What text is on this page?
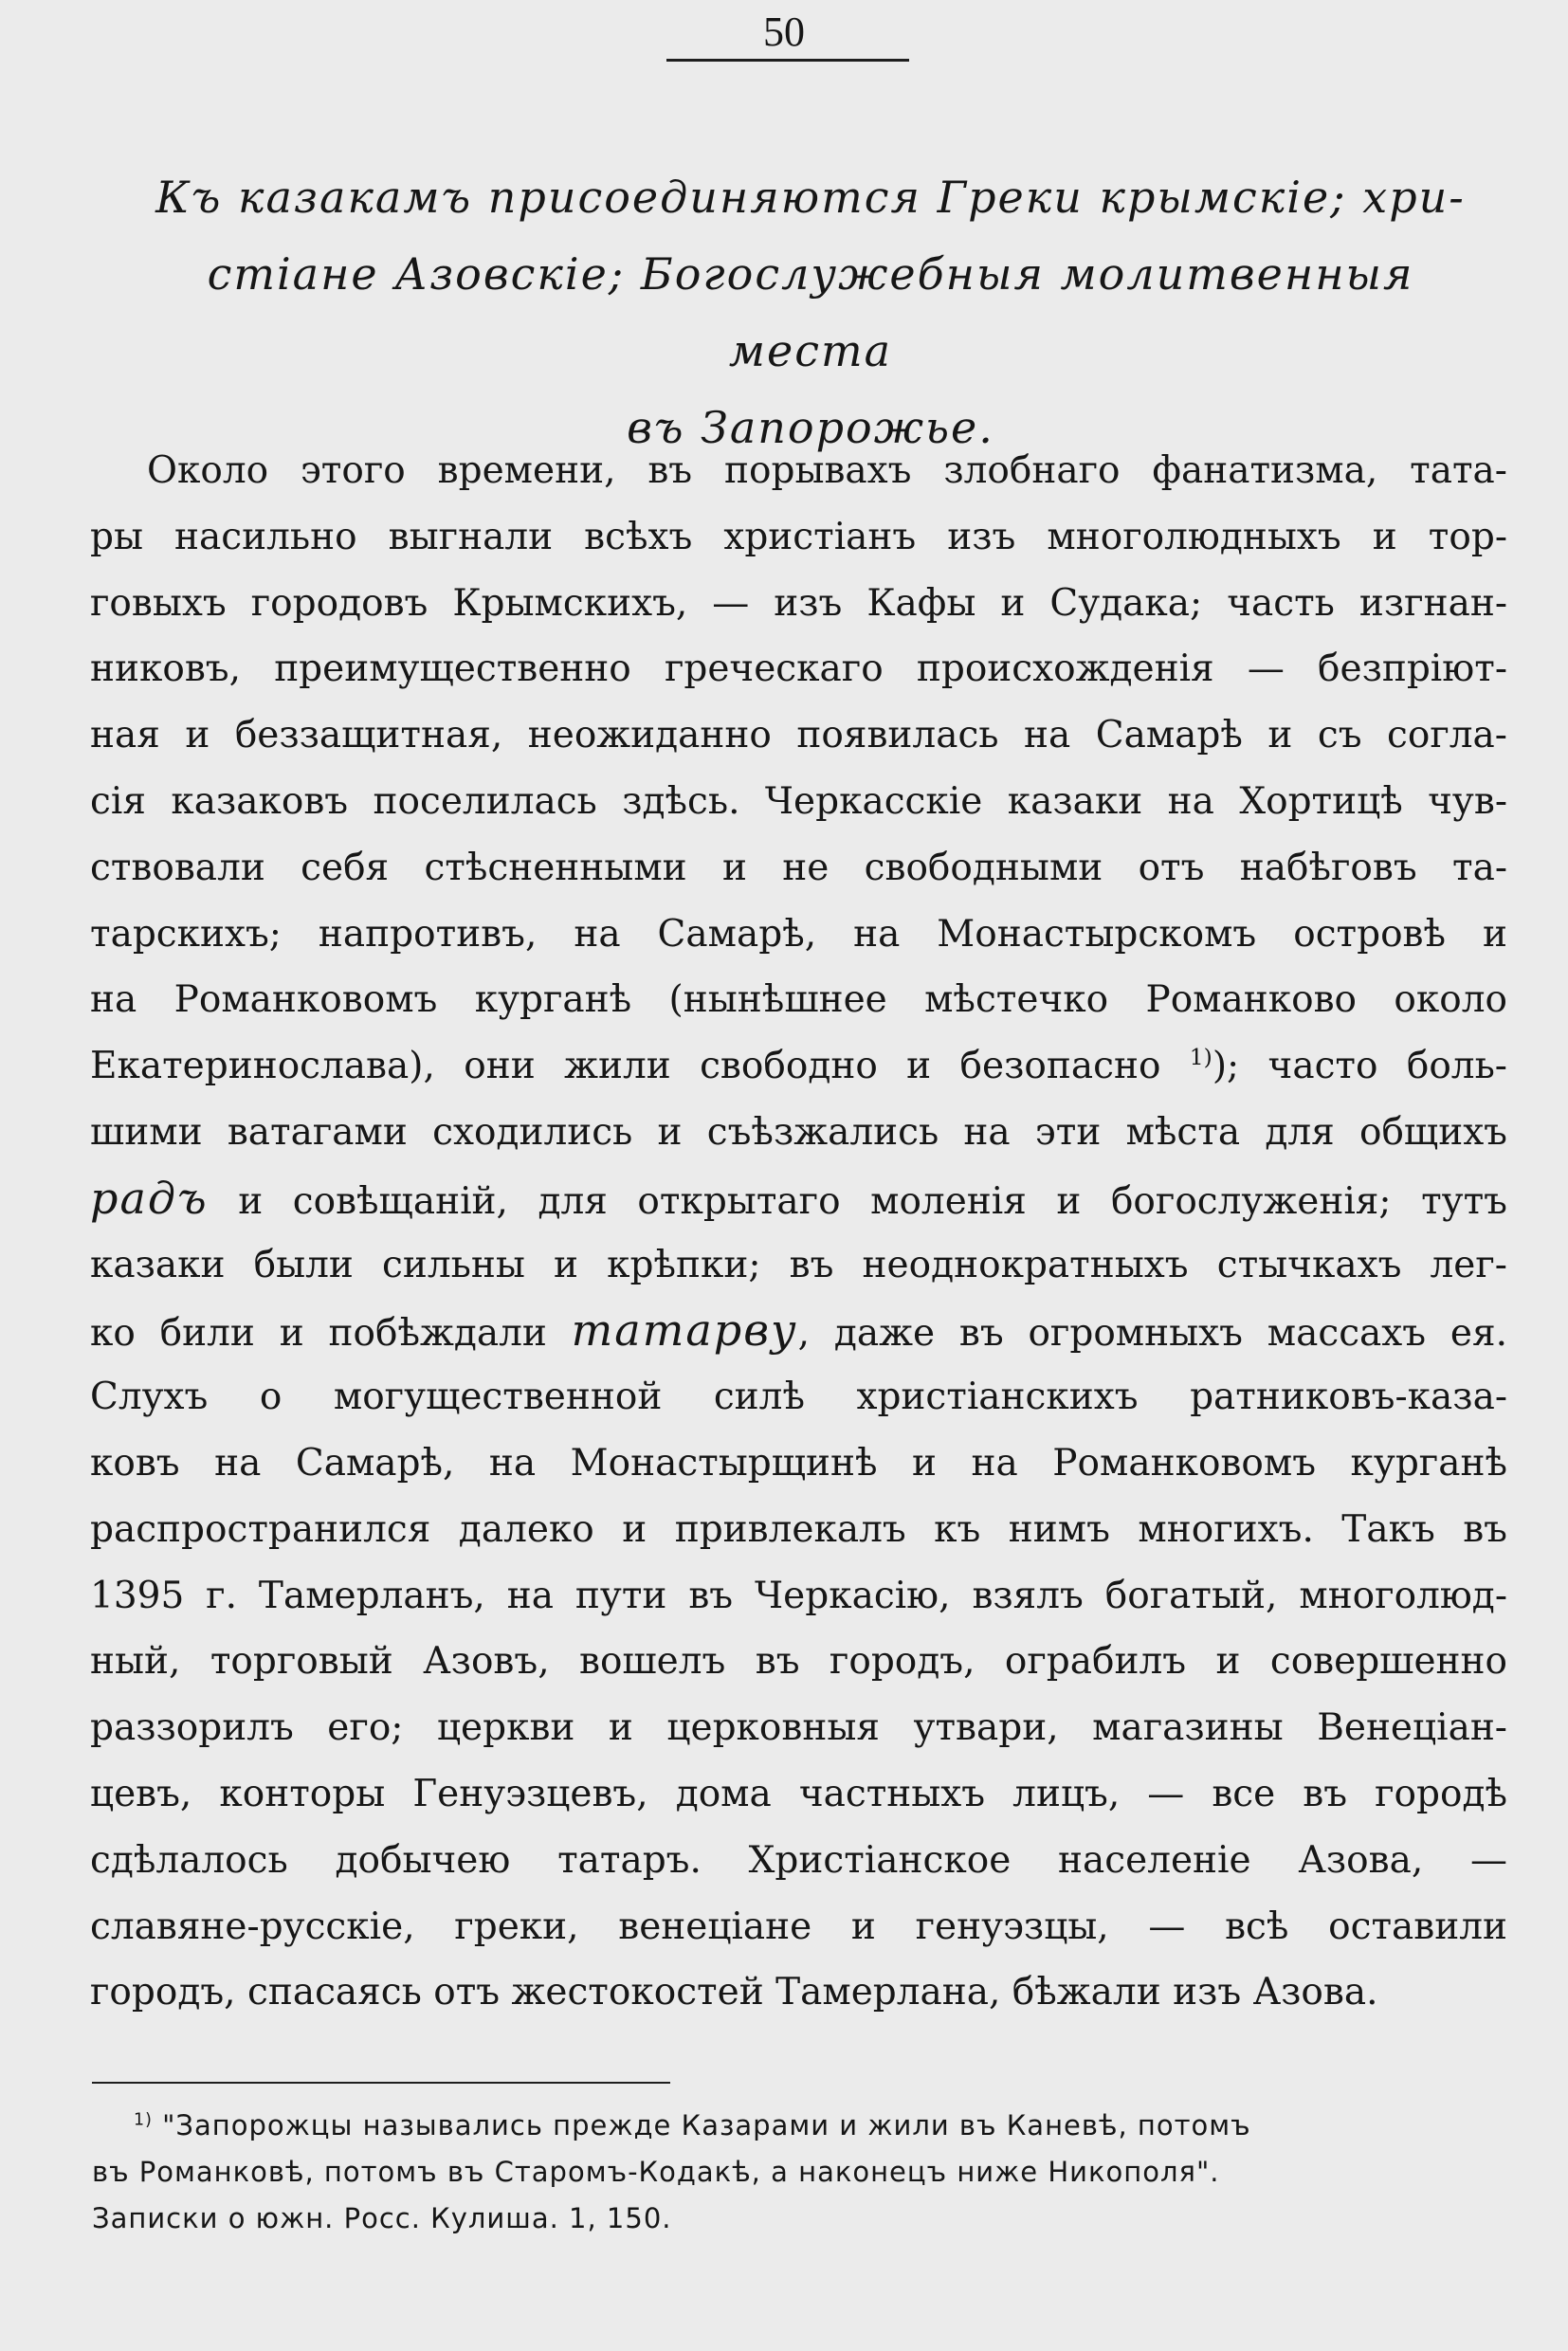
50
Къ казакамъ присоединяются Греки крымскіе; хри-
стіане Азовскіе; Богослужебныя молитвенныя места
въ Запорожье.
Около этого времени, въ порывахъ злобнаго фанатизма, тата-
ры насильно выгнали всѣхъ христіанъ изъ многолюдныхъ и тор-
говыхъ городовъ Крымскихъ, — изъ Кафы и Судака; часть изгнан-
никовъ, преимущественно греческаго происхожденія — безпріют-
ная и беззащитная, неожиданно появилась на Самарѣ и съ согла-
сія казаковъ поселилась здѣсь. Черкасскіе казаки на Хортицѣ чув-
ствовали себя стѣсненными и не свободными отъ набѣговъ та-
тарскихъ; напротивъ, на Самарѣ, на Монастырскомъ островѣ и
на Романковомъ курганѣ (нынѣшнее мѣстечко Романково около
Екатеринослава), они жили свободно и безопасно $^{1)}$); часто боль-
шими ватагами сходились и съѣзжались на эти мѣста для общихъ
радъ и совѣщаній, для открытаго моленія и богослуженія; тутъ
казаки были сильны и крѣпки; въ неоднократныхъ стычкахъ лег-
ко били и побѣждали татарву, даже въ огромныхъ массахъ ея.
Слухъ о могущественной силѣ христіанскихъ ратниковъ-каза-
ковъ на Самарѣ, на Монастырщинѣ и на Романковомъ курганѣ
распространился далеко и привлекалъ къ нимъ многихъ. Такъ въ
1395 г. Тамерланъ, на пути въ Черкасію, взялъ богатый, многолюд-
ный, торговый Азовъ, вошелъ въ городъ, ограбилъ и совершенно
раззорилъ его; церкви и церковныя утвари, магазины Венеціан-
цевъ, конторы Генуэзцевъ, дома частныхъ лицъ, — все въ городѣ
сдѣлалось добычею татаръ. Христіанское населеніе Азова, —
славяне-русскіе, греки, венеціане и генуэзцы, — всѣ оставили
городъ, спасаясь отъ жестокостей Тамерлана, бѣжали изъ Азова.
$^{1)}$ "Запорожцы назывались прежде Казарами и жили въ Каневѣ, потомъ
въ Романковѣ, потомъ въ Старомъ-Кодакѣ, а наконецъ ниже Никополя".
Записки о южн. Росс. Кулиша. 1, 150.
